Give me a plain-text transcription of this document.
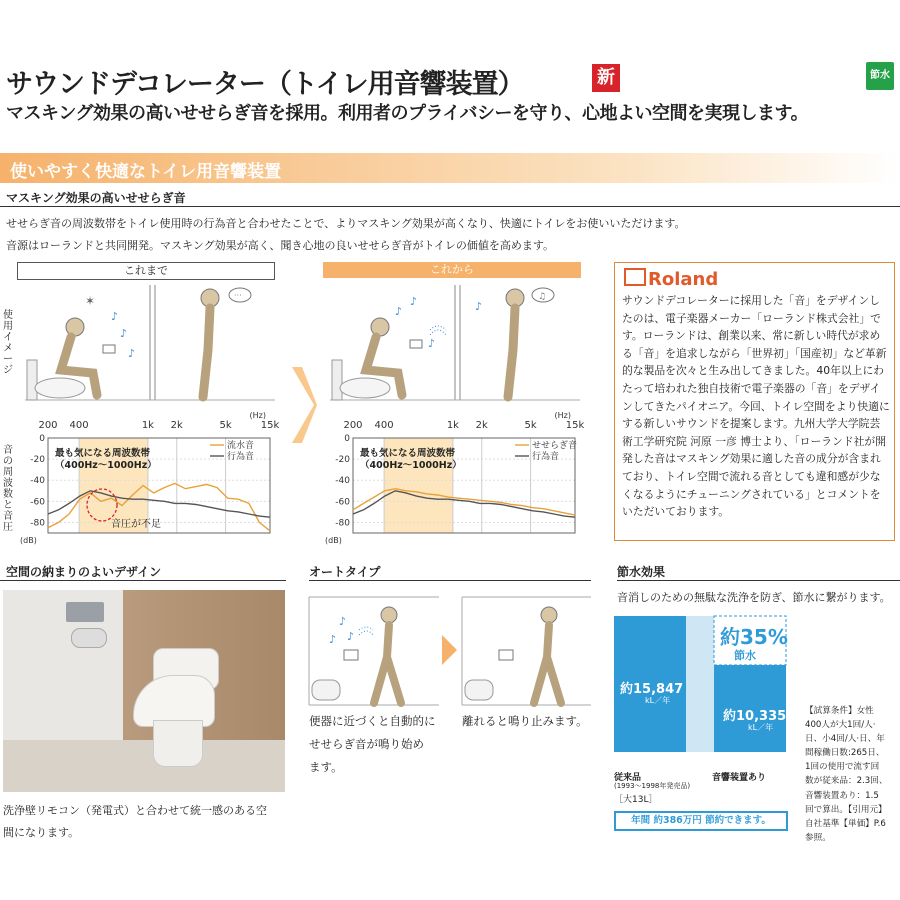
サウンドデコレーター（トイレ用音響装置）	新	節水
マスキング効果の高いせせらぎ音を採用。利用者のプライバシーを守り、心地よい空間を実現します。
使いやすく快適なトイレ用音響装置
マスキング効果の高いせせらぎ音
せせらぎ音の周波数帯をトイレ使用時の行為音と合わせたことで、よりマスキング効果が高くなり、快適にトイレをお使いいただけます。
音源はローランドと共同開発。マスキング効果が高く、聞き心地の良いせせらぎ音がトイレの価値を高めます。
これまで	これから
使用イメージ
音の周波数と音圧
✶
♪
♪
♪
···
♪
♪
♪
♪
♫
0
-20
-40
-60
-80
(dB)
200 400	1k 2k	5k	15k
(Hz)
流水音
行為音
最も気になる周波数帯
（400Hz〜1000Hz）
音圧が不足
0
-20
-40
-60
-80
(dB)
200 400	1k 2k	5k	15k
(Hz)
せせらぎ音
行為音
最も気になる周波数帯
（400Hz〜1000Hz）
Roland
サウンドデコレーターに採用した「音」をデザインしたのは、電子楽器メーカー「ローランド株式会社」です。ローランドは、創業以来、常に新しい時代が求める「音」を追求しながら「世界初」「国産初」など革新的な製品を次々と生み出してきました。40年以上にわたって培われた独自技術で電子楽器の「音」をデザインしてきたパイオニア。今回、トイレ空間をより快適にする新しいサウンドを提案します。九州大学大学院芸術工学研究院 河原 一彦 博士より、「ローランド社が開発した音はマスキング効果に適した音の成分が含まれており、トイレ空間で流れる音としても違和感が少なくなるようにチューニングされている」とコメントをいただいております。
空間の納まりのよいデザイン
洗浄壁リモコン（発電式）と合わせて統一感のある空
間になります。
オートタイプ
♪
♪ ♪
便器に近づくと自動的に
せせらぎ音が鳴り始め
ます。
離れると鳴り止みます。
節水効果
音消しのための無駄な洗浄を防ぎ、節水に繋がります。
約15,847
kL／年
約10,335
kL／年
約35%
節水
従来品
(1993〜1998年発売品)
［大13L］
音響装置あり
年間 約386万円 節約できます。
【試算条件】女性
400人が大1回/人·
日、小4回/人·日、年
間稼働日数:265日、
1回の使用で流す回
数が従来品：2.3回、
音響装置あり：1.5
回で算出。【引用元】
自社基準【単価】P.6
参照。
